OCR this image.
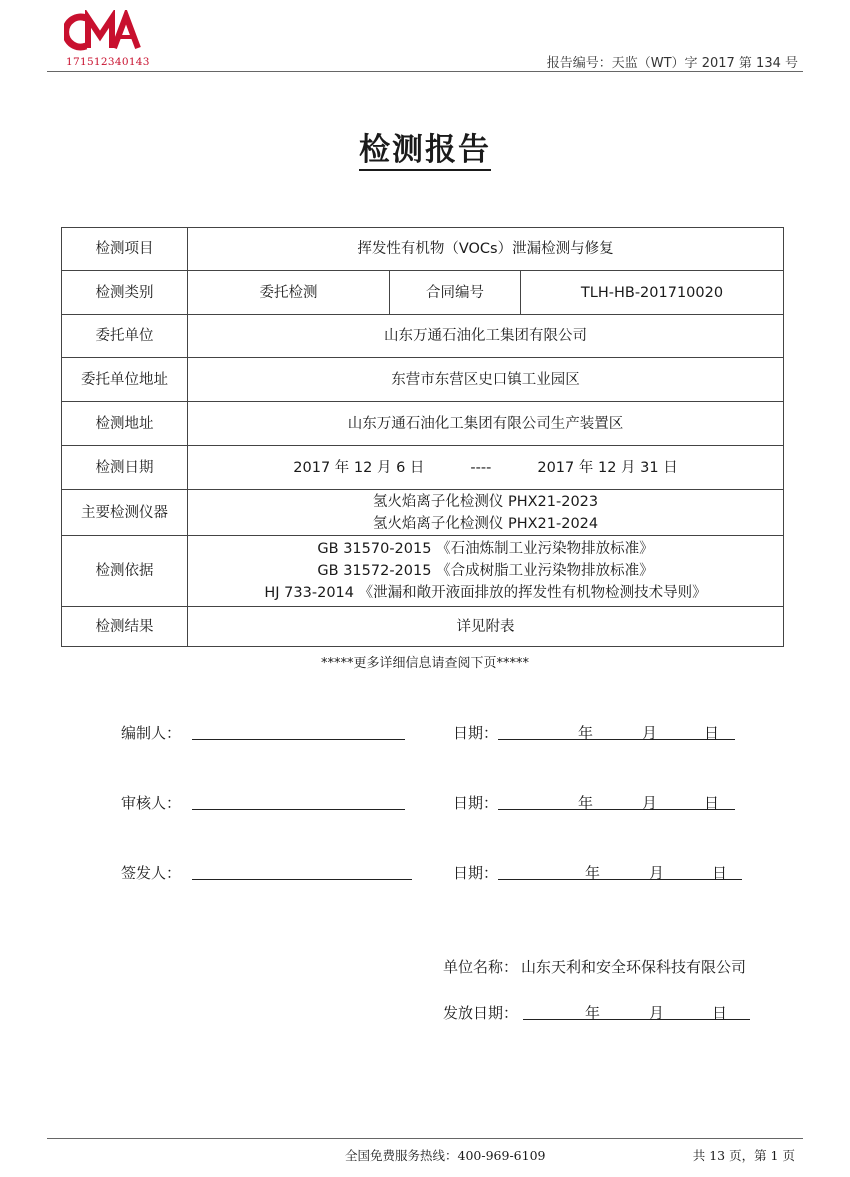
171512340143	报告编号：天监（WT）字 2017 第 134 号
检测报告
检测项目	挥发性有机物（VOCs）泄漏检测与修复		
检测类别	委托检测	合同编号	TLH-HB-201710020
委托单位	山东万通石油化工集团有限公司		
委托单位地址	东营市东营区史口镇工业园区		
检测地址	山东万通石油化工集团有限公司生产装置区		
检测日期	2017 年 12 月 6 日 ---- 2017 年 12 月 31 日		
主要检测仪器	氢火焰离子化检测仪 PHX21-2023
氢火焰离子化检测仪 PHX21-2024		

检测依据	GB 31570-2015 《石油炼制工业污染物排放标准》
GB 31572-2015 《合成树脂工业污染物排放标准》
HJ 733-2014 《泄漏和敞开液面排放的挥发性有机物检测技术导则》		

检测结果	详见附表		
*****更多详细信息请查阅下页*****
编制人：	日期：	年	月	日
审核人：	日期：	年	月	日
签发人：	日期：	年	月	日
单位名称： 山东天利和安全环保科技有限公司
发放日期：	年	月	日
全国免费服务热线：400-969-6109	共 13 页，第 1 页
